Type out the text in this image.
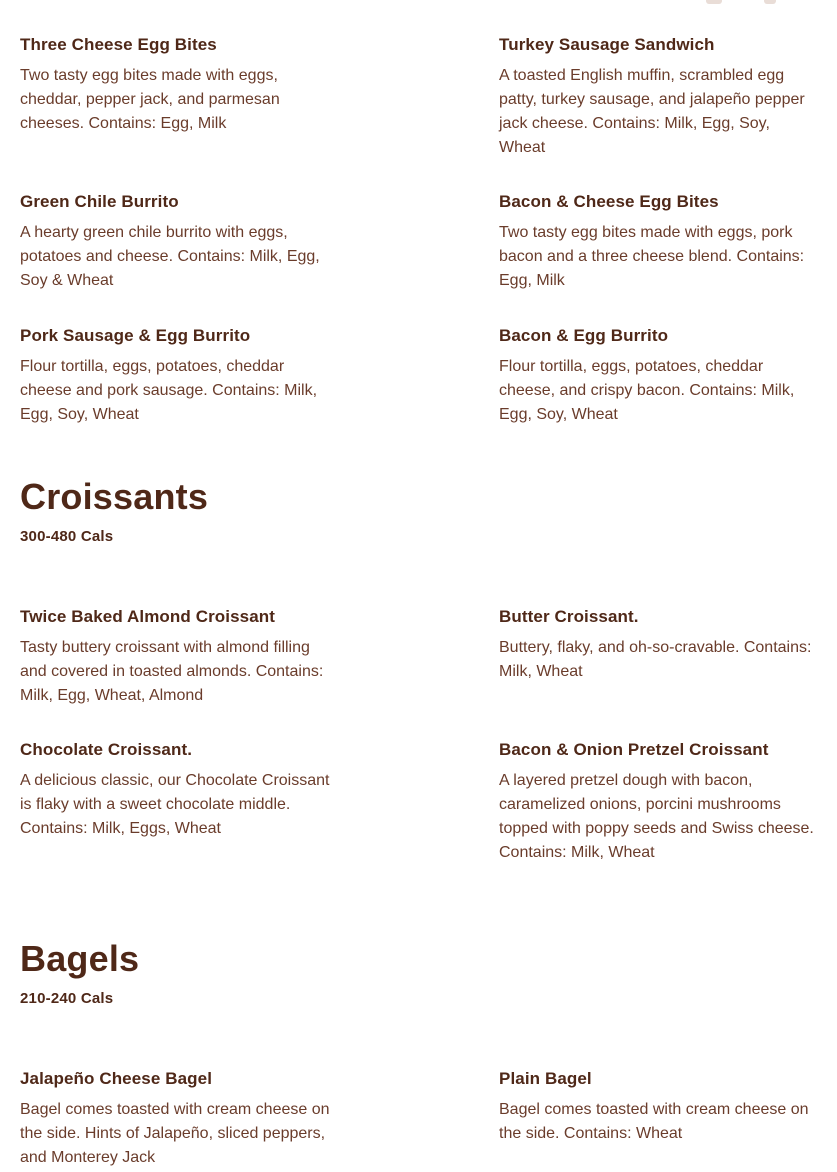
Three Cheese Egg Bites

Two tasty egg bites made with eggs, cheddar, pepper jack, and parmesan cheeses. Contains: Egg, Milk

Turkey Sausage Sandwich

A toasted English muffin, scrambled egg patty, turkey sausage, and jalapeño pepper jack cheese. Contains: Milk, Egg, Soy, Wheat

Green Chile Burrito

A hearty green chile burrito with eggs, potatoes and cheese. Contains: Milk, Egg, Soy & Wheat

Bacon & Cheese Egg Bites

Two tasty egg bites made with eggs, pork bacon and a three cheese blend. Contains: Egg, Milk

Pork Sausage & Egg Burrito

Flour tortilla, eggs, potatoes, cheddar cheese and pork sausage. Contains: Milk, Egg, Soy, Wheat

Bacon & Egg Burrito

Flour tortilla, eggs, potatoes, cheddar cheese, and crispy bacon. Contains: Milk, Egg, Soy, Wheat

Croissants

300-480 Cals

Twice Baked Almond Croissant

Tasty buttery croissant with almond filling and covered in toasted almonds. Contains: Milk, Egg, Wheat, Almond

Butter Croissant.

Buttery, flaky, and oh-so-cravable. Contains: Milk, Wheat

Chocolate Croissant.

A delicious classic, our Chocolate Croissant is flaky with a sweet chocolate middle. Contains: Milk, Eggs, Wheat

Bacon & Onion Pretzel Croissant

A layered pretzel dough with bacon, caramelized onions, porcini mushrooms topped with poppy seeds and Swiss cheese. Contains: Milk, Wheat

Bagels

210-240 Cals

Jalapeño Cheese Bagel

Bagel comes toasted with cream cheese on the side. Hints of Jalapeño, sliced peppers, and Monterey Jack

Plain Bagel

Bagel comes toasted with cream cheese on the side. Contains: Wheat
